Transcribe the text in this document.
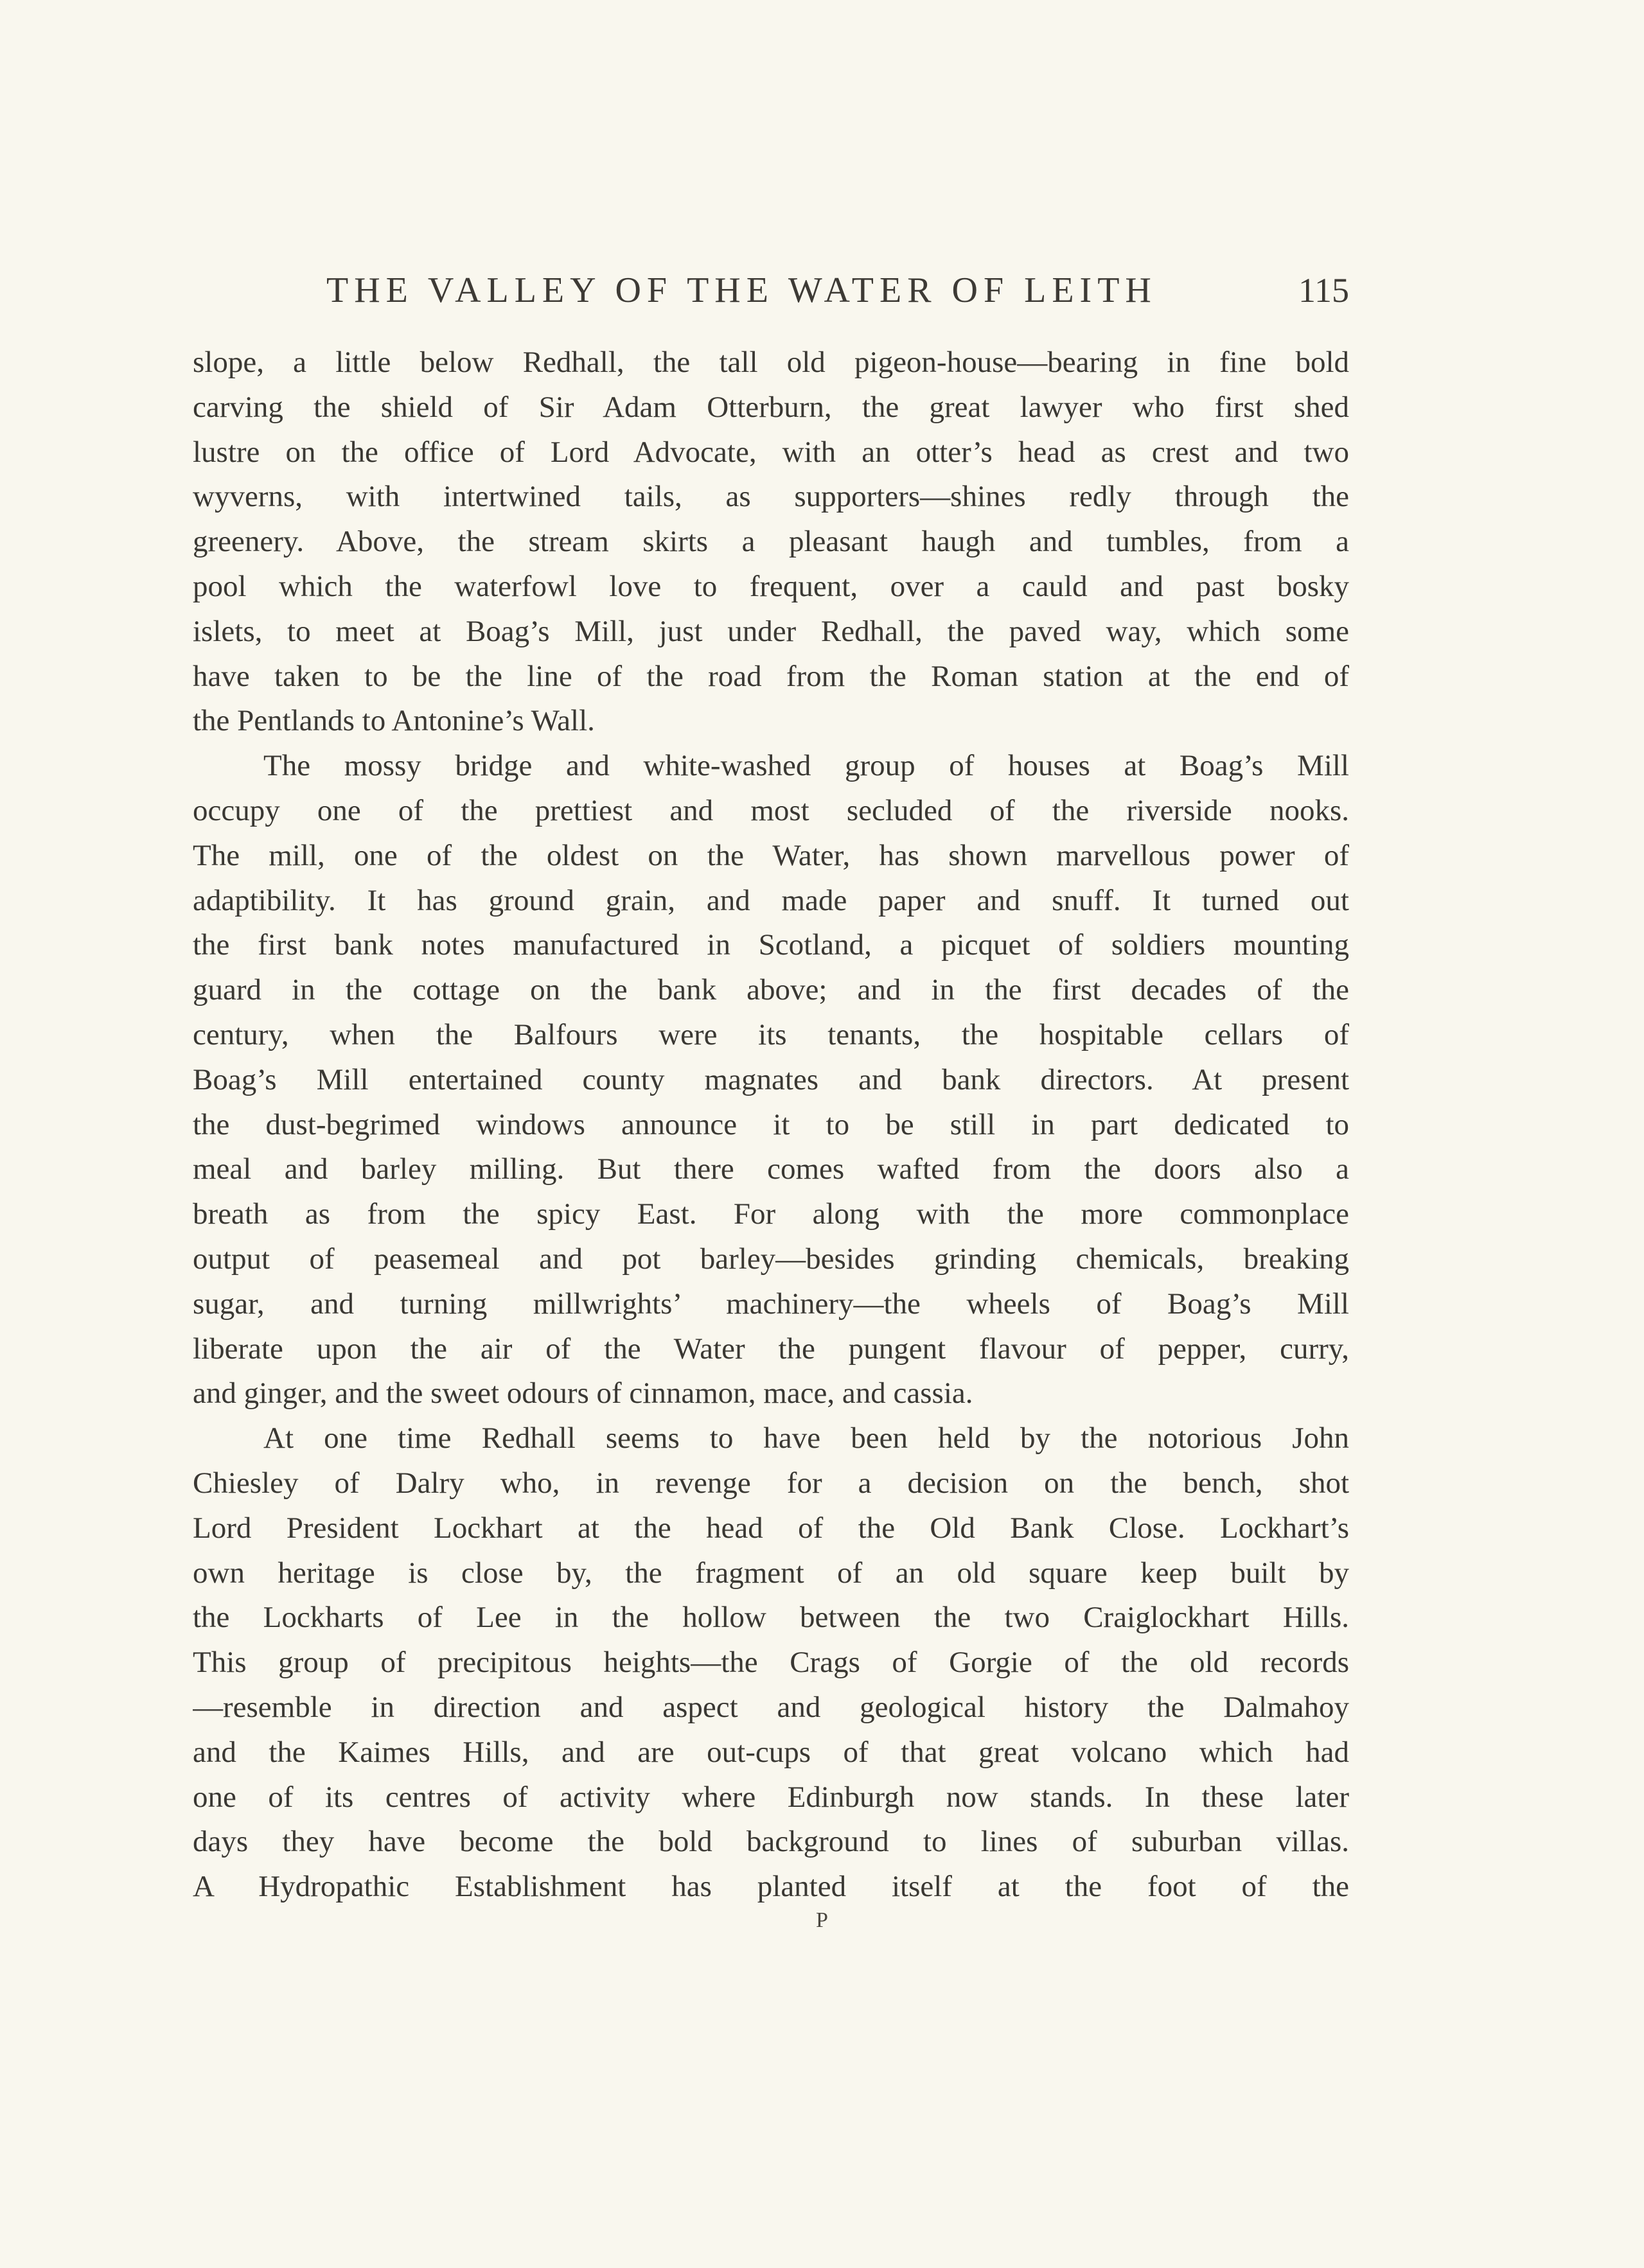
THE VALLEY OF THE WATER OF LEITH	115
slope, a little below Redhall, the tall old pigeon-house—bearing in fine bold
carving the shield of Sir Adam Otterburn, the great lawyer who first shed
lustre on the office of Lord Advocate, with an otter’s head as crest and two
wyverns, with intertwined tails, as supporters—shines redly through the
greenery. Above, the stream skirts a pleasant haugh and tumbles, from a
pool which the waterfowl love to frequent, over a cauld and past bosky
islets, to meet at Boag’s Mill, just under Redhall, the paved way, which some
have taken to be the line of the road from the Roman station at the end of
the Pentlands to Antonine’s Wall.
The mossy bridge and white-washed group of houses at Boag’s Mill
occupy one of the prettiest and most secluded of the riverside nooks.
The mill, one of the oldest on the Water, has shown marvellous power of
adaptibility. It has ground grain, and made paper and snuff. It turned out
the first bank notes manufactured in Scotland, a picquet of soldiers mounting
guard in the cottage on the bank above; and in the first decades of the
century, when the Balfours were its tenants, the hospitable cellars of
Boag’s Mill entertained county magnates and bank directors. At present
the dust-begrimed windows announce it to be still in part dedicated to
meal and barley milling. But there comes wafted from the doors also a
breath as from the spicy East. For along with the more commonplace
output of peasemeal and pot barley—besides grinding chemicals, breaking
sugar, and turning millwrights’ machinery—the wheels of Boag’s Mill
liberate upon the air of the Water the pungent flavour of pepper, curry,
and ginger, and the sweet odours of cinnamon, mace, and cassia.
At one time Redhall seems to have been held by the notorious John
Chiesley of Dalry who, in revenge for a decision on the bench, shot
Lord President Lockhart at the head of the Old Bank Close. Lockhart’s
own heritage is close by, the fragment of an old square keep built by
the Lockharts of Lee in the hollow between the two Craiglockhart Hills.
This group of precipitous heights—the Crags of Gorgie of the old records
—resemble in direction and aspect and geological history the Dalmahoy
and the Kaimes Hills, and are out-cups of that great volcano which had
one of its centres of activity where Edinburgh now stands. In these later
days they have become the bold background to lines of suburban villas.
A Hydropathic Establishment has planted itself at the foot of the
P
